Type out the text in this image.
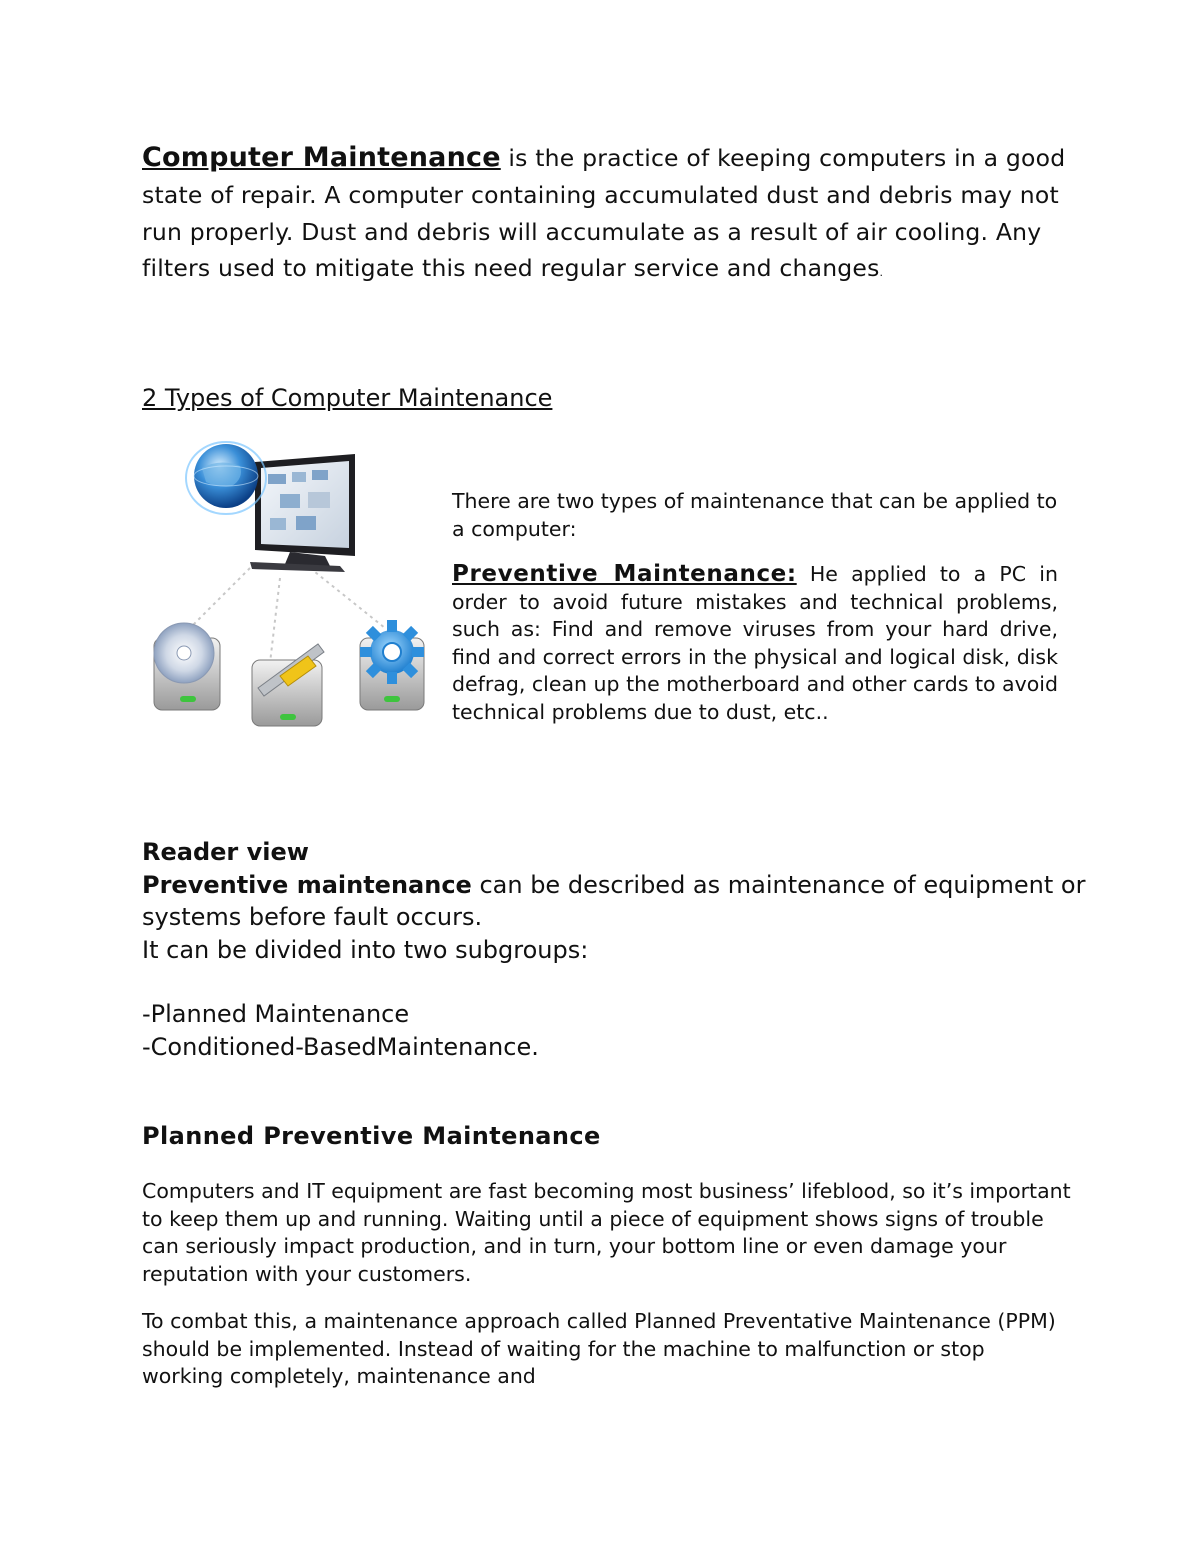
Computer Maintenance is the practice of keeping computers in a good state of repair. A computer containing accumulated dust and debris may not run properly. Dust and debris will accumulate as a result of air cooling. Any filters used to mitigate this need regular service and changes.
2 Types of Computer Maintenance

There are two types of maintenance that can be applied to a computer:

Preventive Maintenance: He applied to a PC in order to avoid future mistakes and technical problems, such as: Find and remove viruses from your hard drive, find and correct errors in the physical and logical disk, disk defrag, clean up the motherboard and other cards to avoid technical problems due to dust, etc..

Reader view

Preventive maintenance can be described as maintenance of equipment or systems before fault occurs.

It can be divided into two subgroups:

-Planned Maintenance

-Conditioned-BasedMaintenance.

Planned Preventive Maintenance

Computers and IT equipment are fast becoming most business’ lifeblood, so it’s important to keep them up and running. Waiting until a piece of equipment shows signs of trouble can seriously impact production, and in turn, your bottom line or even damage your reputation with your customers.

To combat this, a maintenance approach called Planned Preventative Maintenance (PPM) should be implemented. Instead of waiting for the machine to malfunction or stop working completely, maintenance and
